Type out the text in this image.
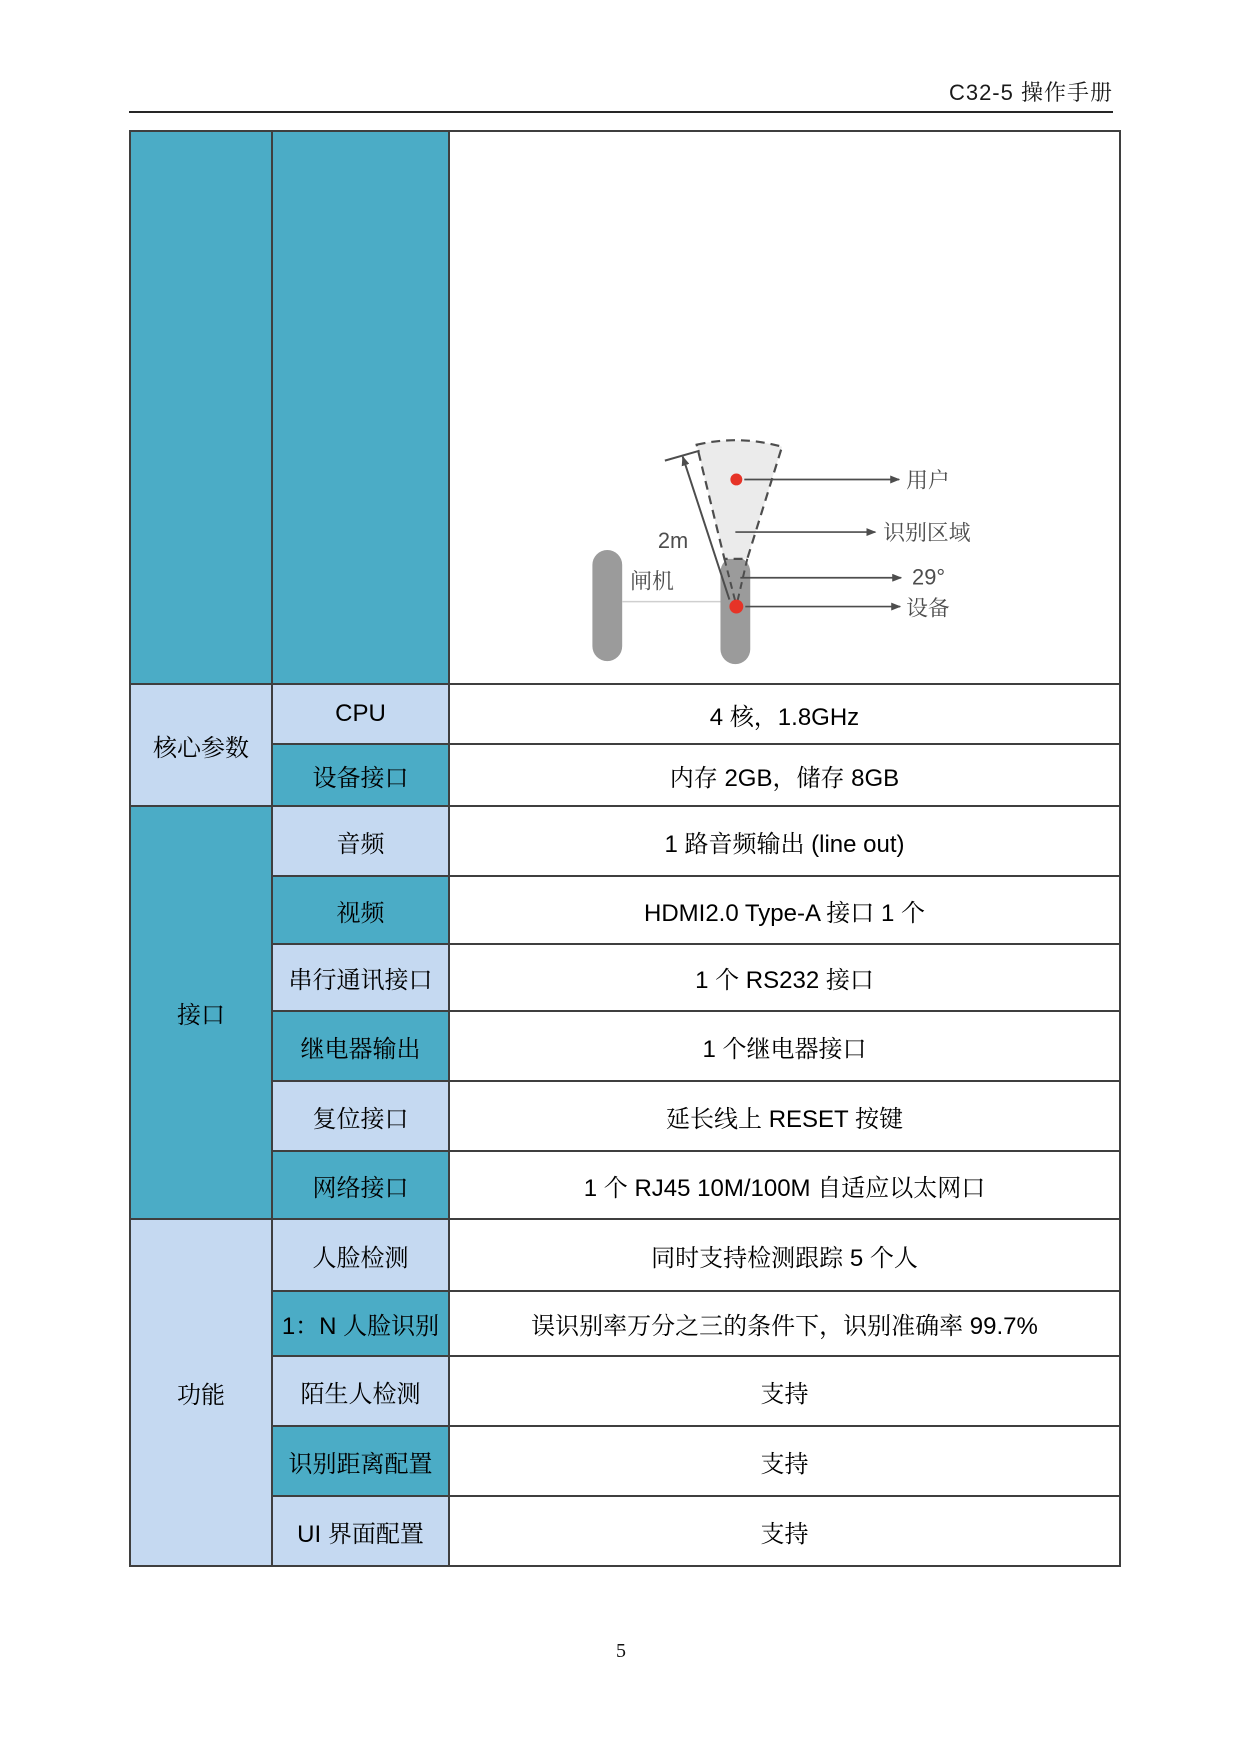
C32-5 操作手册

2m
用户
识别区域
29°
设备
闸机

核心参数	CPU	4 核，1.8GHz
	设备接口	内存 2GB，储存 8GB
接口	音频	1 路音频输出 (line out)
	视频	HDMI2.0 Type-A 接口 1 个
	串行通讯接口	1 个 RS232 接口
	继电器输出	1 个继电器接口
	复位接口	延长线上 RESET 按键
	网络接口	1 个 RJ45 10M/100M 自适应以太网口
功能	人脸检测	同时支持检测跟踪 5 个人
	1：N 人脸识别	误识别率万分之三的条件下，识别准确率 99.7%
	陌生人检测	支持
	识别距离配置	支持
	UI 界面配置	支持
5
